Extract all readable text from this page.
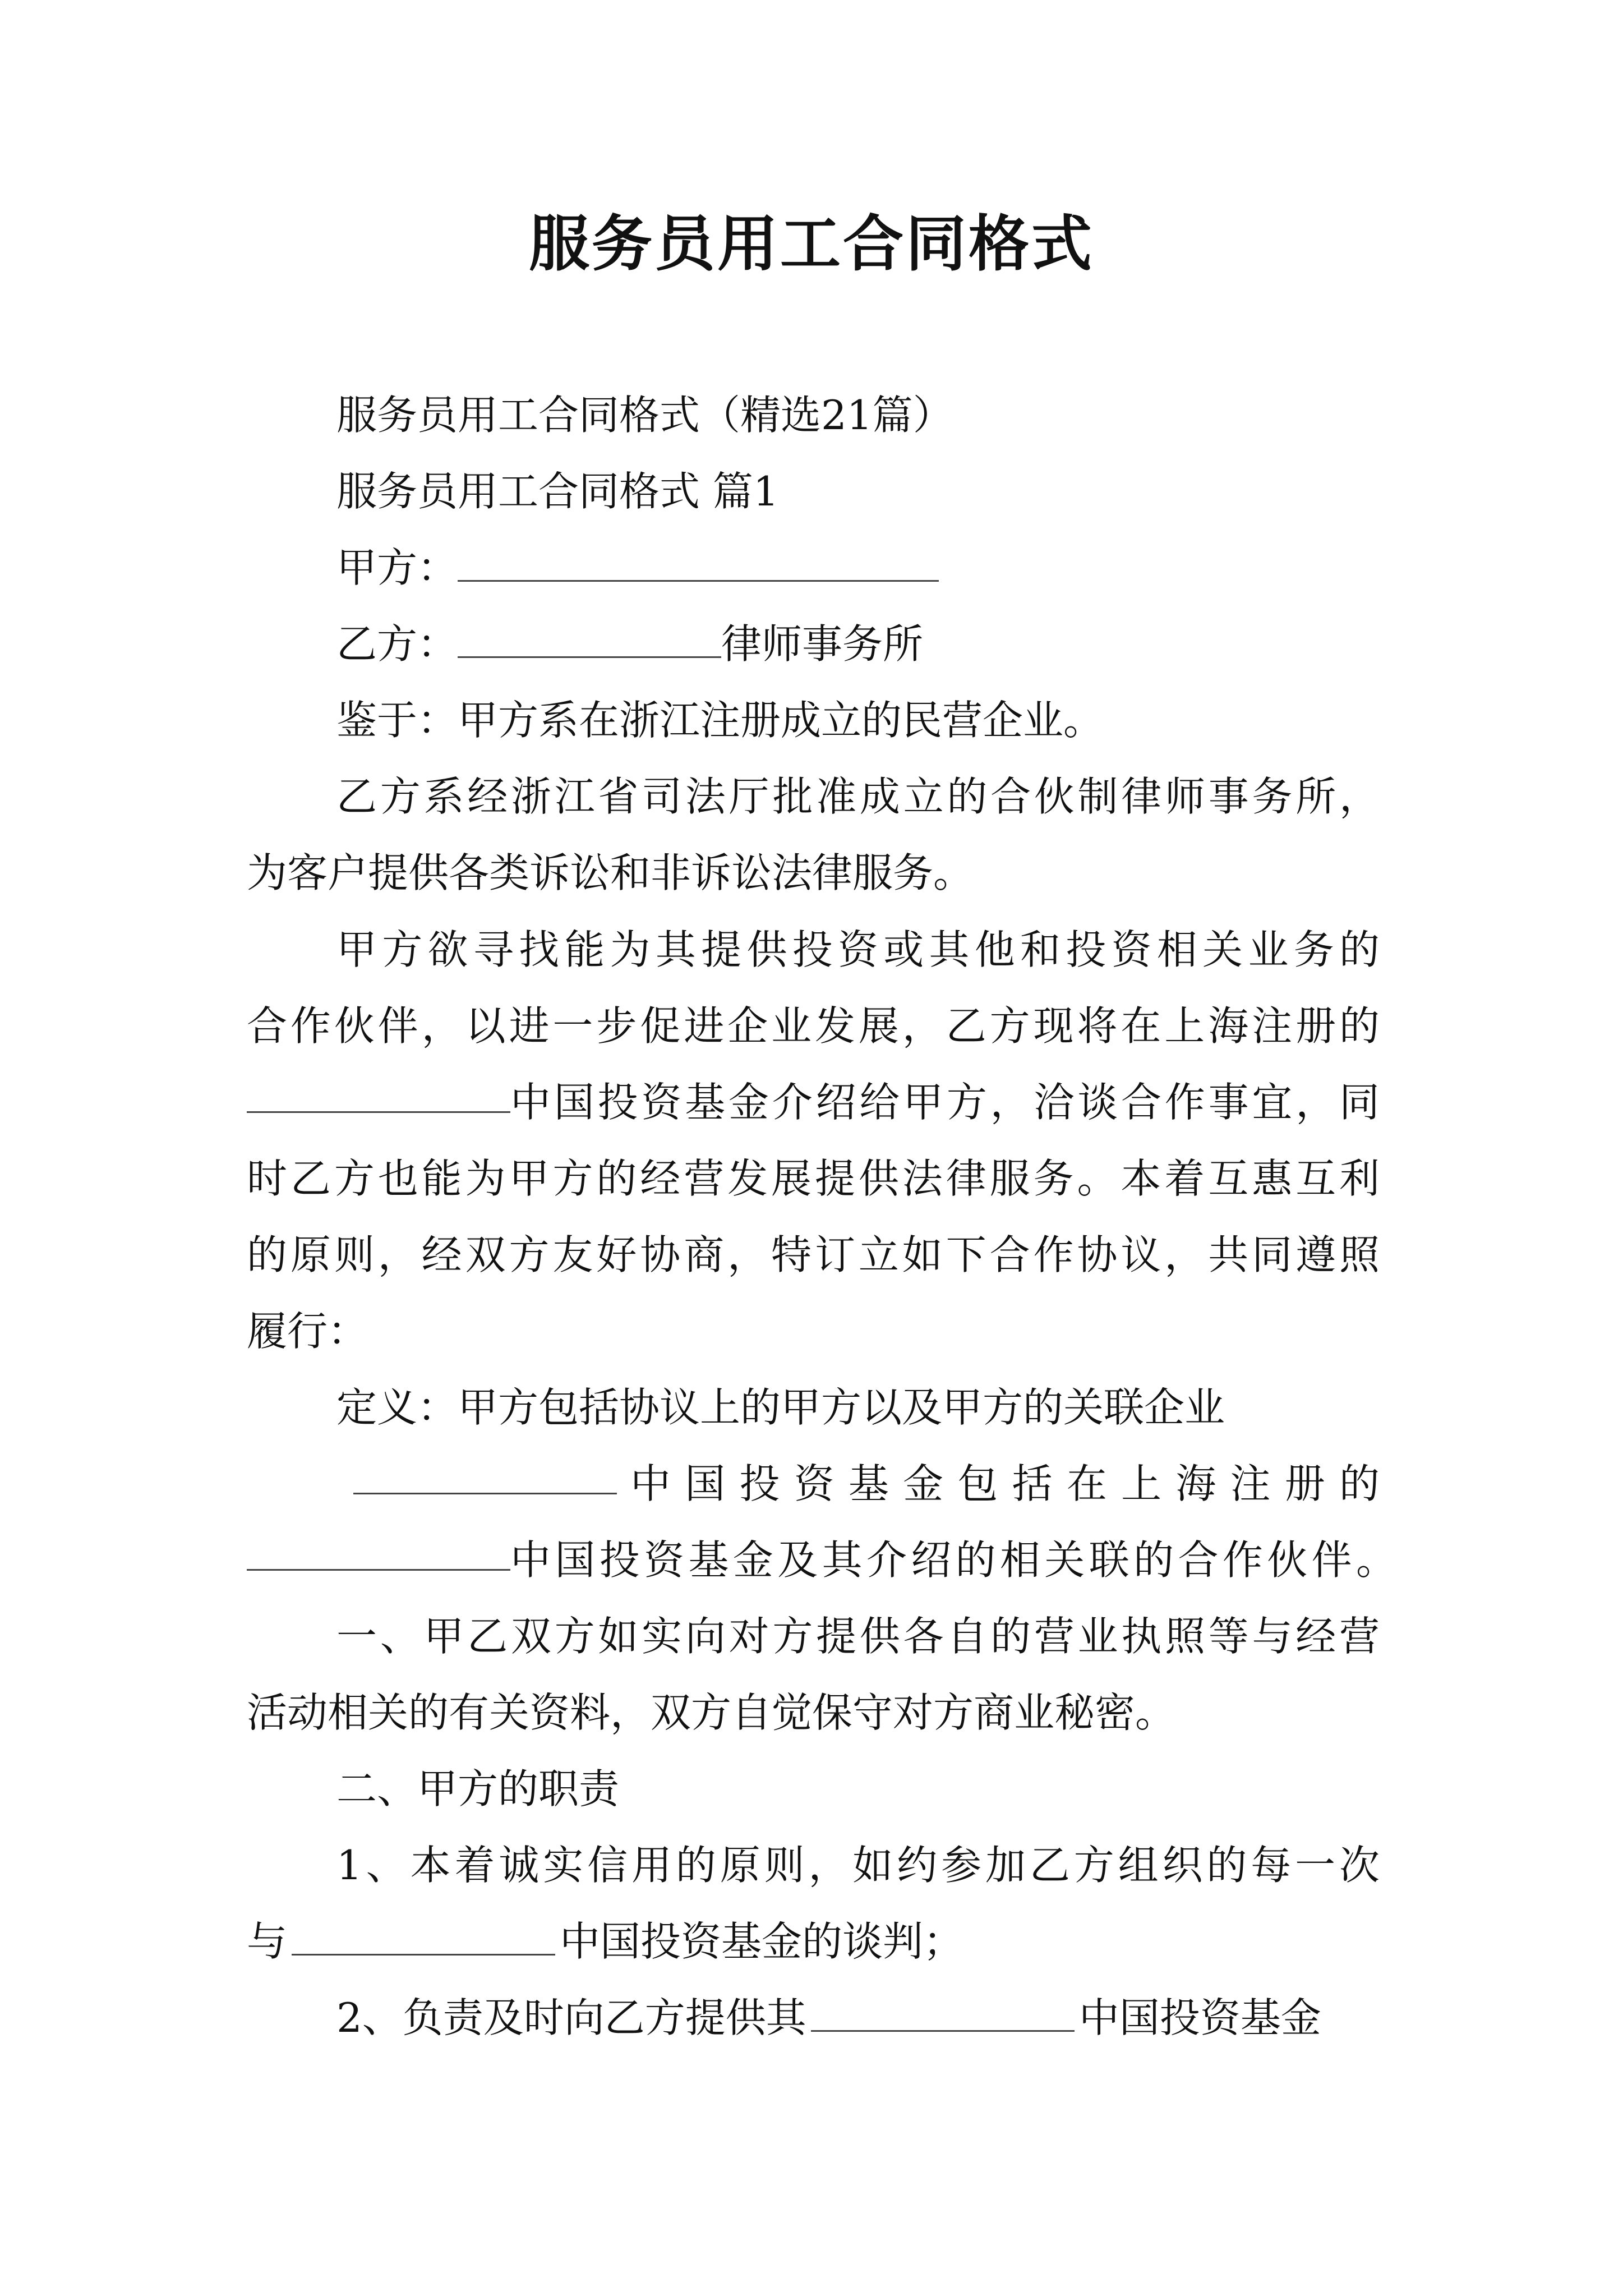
服务员用工合同格式
服务员用工合同格式（精选21篇）
服务员用工合同格式 篇1
甲方：
乙方：	律师事务所
鉴于：甲方系在浙江注册成立的民营企业。
乙方系经浙江省司法厅批准成立的合伙制律师事务所，
为客户提供各类诉讼和非诉讼法律服务。
甲方欲寻找能为其提供投资或其他和投资相关业务的
合作伙伴，以进一步促进企业发展，乙方现将在上海注册的
中国投资基金介绍给甲方，洽谈合作事宜，同
时乙方也能为甲方的经营发展提供法律服务。本着互惠互利
的原则，经双方友好协商，特订立如下合作协议，共同遵照
履行：
定义：甲方包括协议上的甲方以及甲方的关联企业
中国投资基金包括在上海注册的
中国投资基金及其介绍的相关联的合作伙伴。
一、甲乙双方如实向对方提供各自的营业执照等与经营
活动相关的有关资料，双方自觉保守对方商业秘密。
二、甲方的职责
1、本着诚实信用的原则，如约参加乙方组织的每一次
与	中国投资基金的谈判；
2、负责及时向乙方提供其	中国投资基金
